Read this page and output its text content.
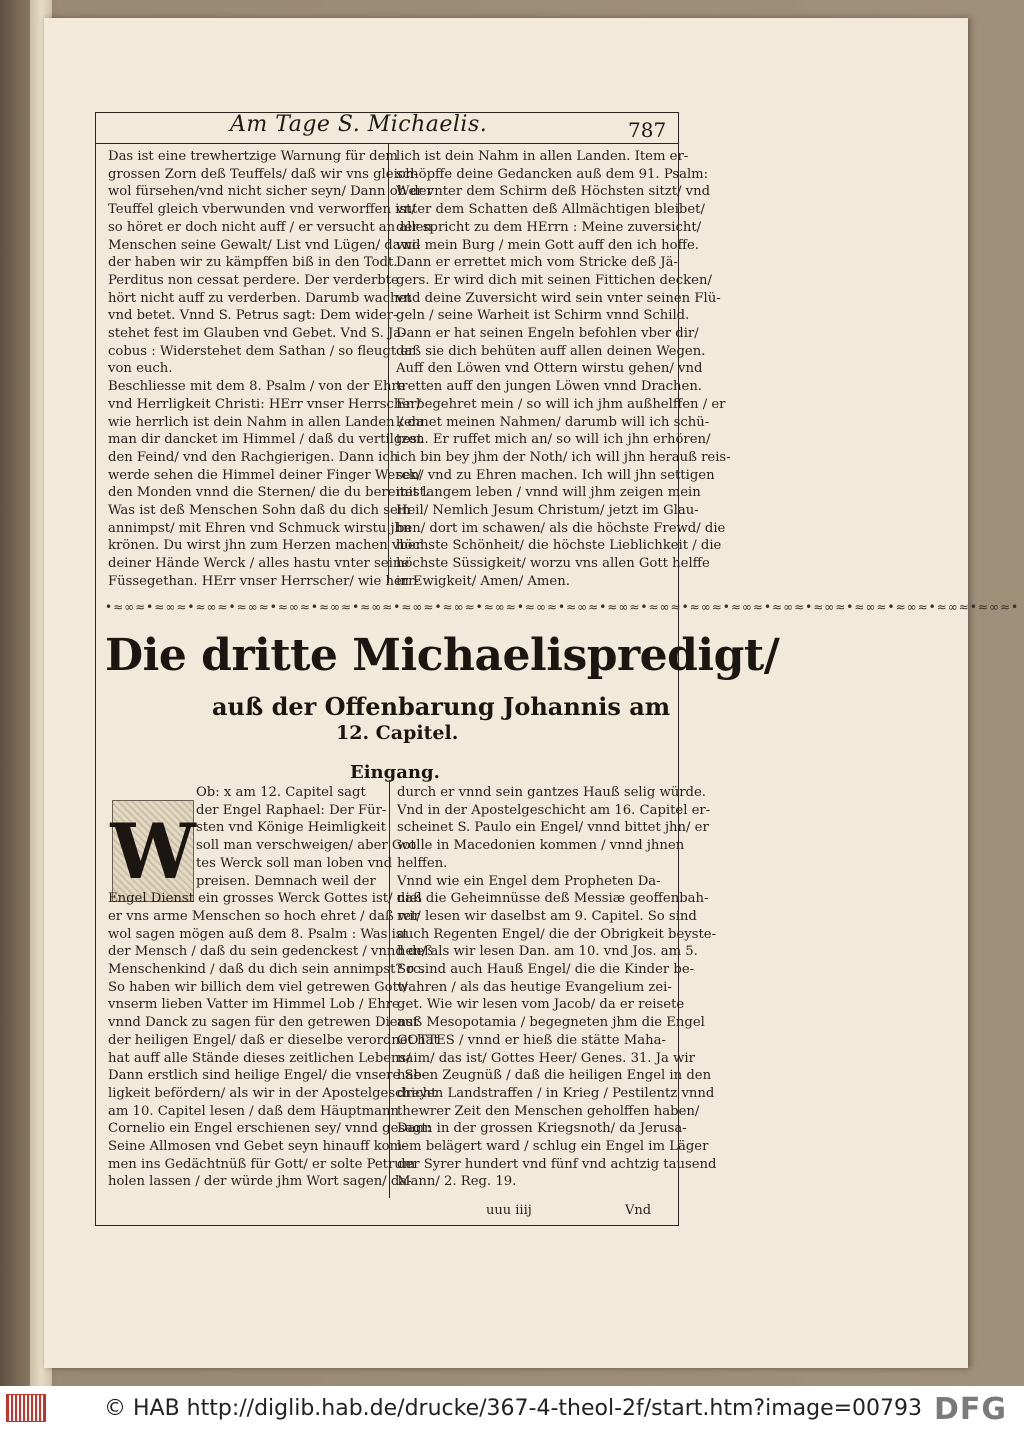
Am Tage S. Michaelis.	787
Das ist eine trewhertzige Warnung für dem
grossen Zorn deß Teuffels/ daß wir vns gleich-
wol fürsehen/vnd nicht sicher seyn/ Dann ob der
Teuffel gleich vberwunden vnd verworffen ist/
so höret er doch nicht auff / er versucht an allen
Menschen seine Gewalt/ List vnd Lügen/ dawi-
der haben wir zu kämpffen biß in den Todt.
Perditus non cessat perdere. Der verderbte
hört nicht auff zu verderben. Darumb wachet
vnd betet. Vnnd S. Petrus sagt: Dem wider-
stehet fest im Glauben vnd Gebet. Vnd S. Ja-
cobus : Widerstehet dem Sathan / so fleugt er
von euch.
Beschliesse mit dem 8. Psalm / von der Ehre
vnd Herrligkeit Christi: HErr vnser Herrscher/
wie herrlich ist dein Nahm in allen Landen / da
man dir dancket im Himmel / daß du vertilgest
den Feind/ vnd den Rachgierigen. Dann ich
werde sehen die Himmel deiner Finger Werck/
den Monden vnnd die Sternen/ die du bereitest.
Was ist deß Menschen Sohn daß du dich sein
annimpst/ mit Ehren vnd Schmuck wirstu jhn
krönen. Du wirst jhn zum Herzen machen vber
deiner Hände Werck / alles hastu vnter seine
Füssegethan. HErr vnser Herrscher/ wie herr-
lich ist dein Nahm in allen Landen. Item er-
schöpffe deine Gedancken auß dem 91. Psalm:
Wer vnter dem Schirm deß Höchsten sitzt/ vnd
vnter dem Schatten deß Allmächtigen bleibet/
der spricht zu dem HErrn : Meine zuversicht/
vnd mein Burg / mein Gott auff den ich hoffe.
Dann er errettet mich vom Stricke deß Jä-
gers. Er wird dich mit seinen Fittichen decken/
vnd deine Zuversicht wird sein vnter seinen Flü-
geln / seine Warheit ist Schirm vnnd Schild.
Dann er hat seinen Engeln befohlen vber dir/
daß sie dich behüten auff allen deinen Wegen.
Auff den Löwen vnd Ottern wirstu gehen/ vnd
tretten auff den jungen Löwen vnnd Drachen.
Er begehret mein / so will ich jhm außhelffen / er
kennet meinen Nahmen/ darumb will ich schü-
tzen. Er ruffet mich an/ so will ich jhn erhören/
ich bin bey jhm der Noth/ ich will jhn herauß reis-
sen/ vnd zu Ehren machen. Ich will jhn settigen
mit langem leben / vnnd will jhm zeigen mein
Heil/ Nemlich Jesum Christum/ jetzt im Glau-
ben/ dort im schawen/ als die höchste Frewd/ die
höchste Schönheit/ die höchste Lieblichkeit / die
höchste Süssigkeit/ worzu vns allen Gott helffe
in Ewigkeit/ Amen/ Amen.
•≈∞≈•≈∞≈•≈∞≈•≈∞≈•≈∞≈•≈∞≈•≈∞≈•≈∞≈•≈∞≈•≈∞≈•≈∞≈•≈∞≈•≈∞≈•≈∞≈•≈∞≈•≈∞≈•≈∞≈•≈∞≈•≈∞≈•≈∞≈•≈∞≈•≈∞≈•
Die dritte Michaelispredigt/
auß der Offenbarung Johannis am
12. Capitel.
Eingang.
W
Ob: x am 12. Capitel sagt
der Engel Raphael: Der Für-
sten vnd Könige Heimligkeit
soll man verschweigen/ aber Got
tes Werck soll man loben vnd
preisen. Demnach weil der
Engel Dienst ein grosses Werck Gottes ist/ daß
er vns arme Menschen so hoch ehret / daß wir
wol sagen mögen auß dem 8. Psalm : Was ist
der Mensch / daß du sein gedenckest / vnnd deß
Menschenkind / daß du dich sein annimpst? rc.
So haben wir billich dem viel getrewen Gott/
vnserm lieben Vatter im Himmel Lob / Ehre
vnnd Danck zu sagen für den getrewen Dienst
der heiligen Engel/ daß er dieselbe verordnet hat
hat auff alle Stände dieses zeitlichen Lebens/
Dann erstlich sind heilige Engel/ die vnsere Se-
ligkeit befördern/ als wir in der Apostelgeschicht
am 10. Capitel lesen / daß dem Häuptmann
Cornelio ein Engel erschienen sey/ vnnd gesagt:
Seine Allmosen vnd Gebet seyn hinauff kom-
men ins Gedächtnüß für Gott/ er solte Petrum
holen lassen / der würde jhm Wort sagen/ da-
durch er vnnd sein gantzes Hauß selig würde.
Vnd in der Apostelgeschicht am 16. Capitel er-
scheinet S. Paulo ein Engel/ vnnd bittet jhn/ er
wolle in Macedonien kommen / vnnd jhnen
helffen.
Vnnd wie ein Engel dem Propheten Da-
niel die Geheimnüsse deß Messiæ geoffenbah-
ret/ lesen wir daselbst am 9. Capitel. So sind
auch Regenten Engel/ die der Obrigkeit beyste-
hen/ als wir lesen Dan. am 10. vnd Jos. am 5.
So sind auch Hauß Engel/ die die Kinder be-
wahren / als das heutige Evangelium zei-
get. Wie wir lesen vom Jacob/ da er reisete
auß Mesopotamia / begegneten jhm die Engel
GOTTES / vnnd er hieß die stätte Maha-
naim/ das ist/ Gottes Heer/ Genes. 31. Ja wir
haben Zeugnüß / daß die heiligen Engel in den
dreyen Landstraffen / in Krieg / Pestilentz vnnd
thewrer Zeit den Menschen geholffen haben/
Dann in der grossen Kriegsnoth/ da Jerusa-
lem belägert ward / schlug ein Engel im Läger
der Syrer hundert vnd fünf vnd achtzig tausend
Mann/ 2. Reg. 19.
uuu iiij	Vnd
© HAB http://diglib.hab.de/drucke/367-4-theol-2f/start.htm?image=00793 DFG
